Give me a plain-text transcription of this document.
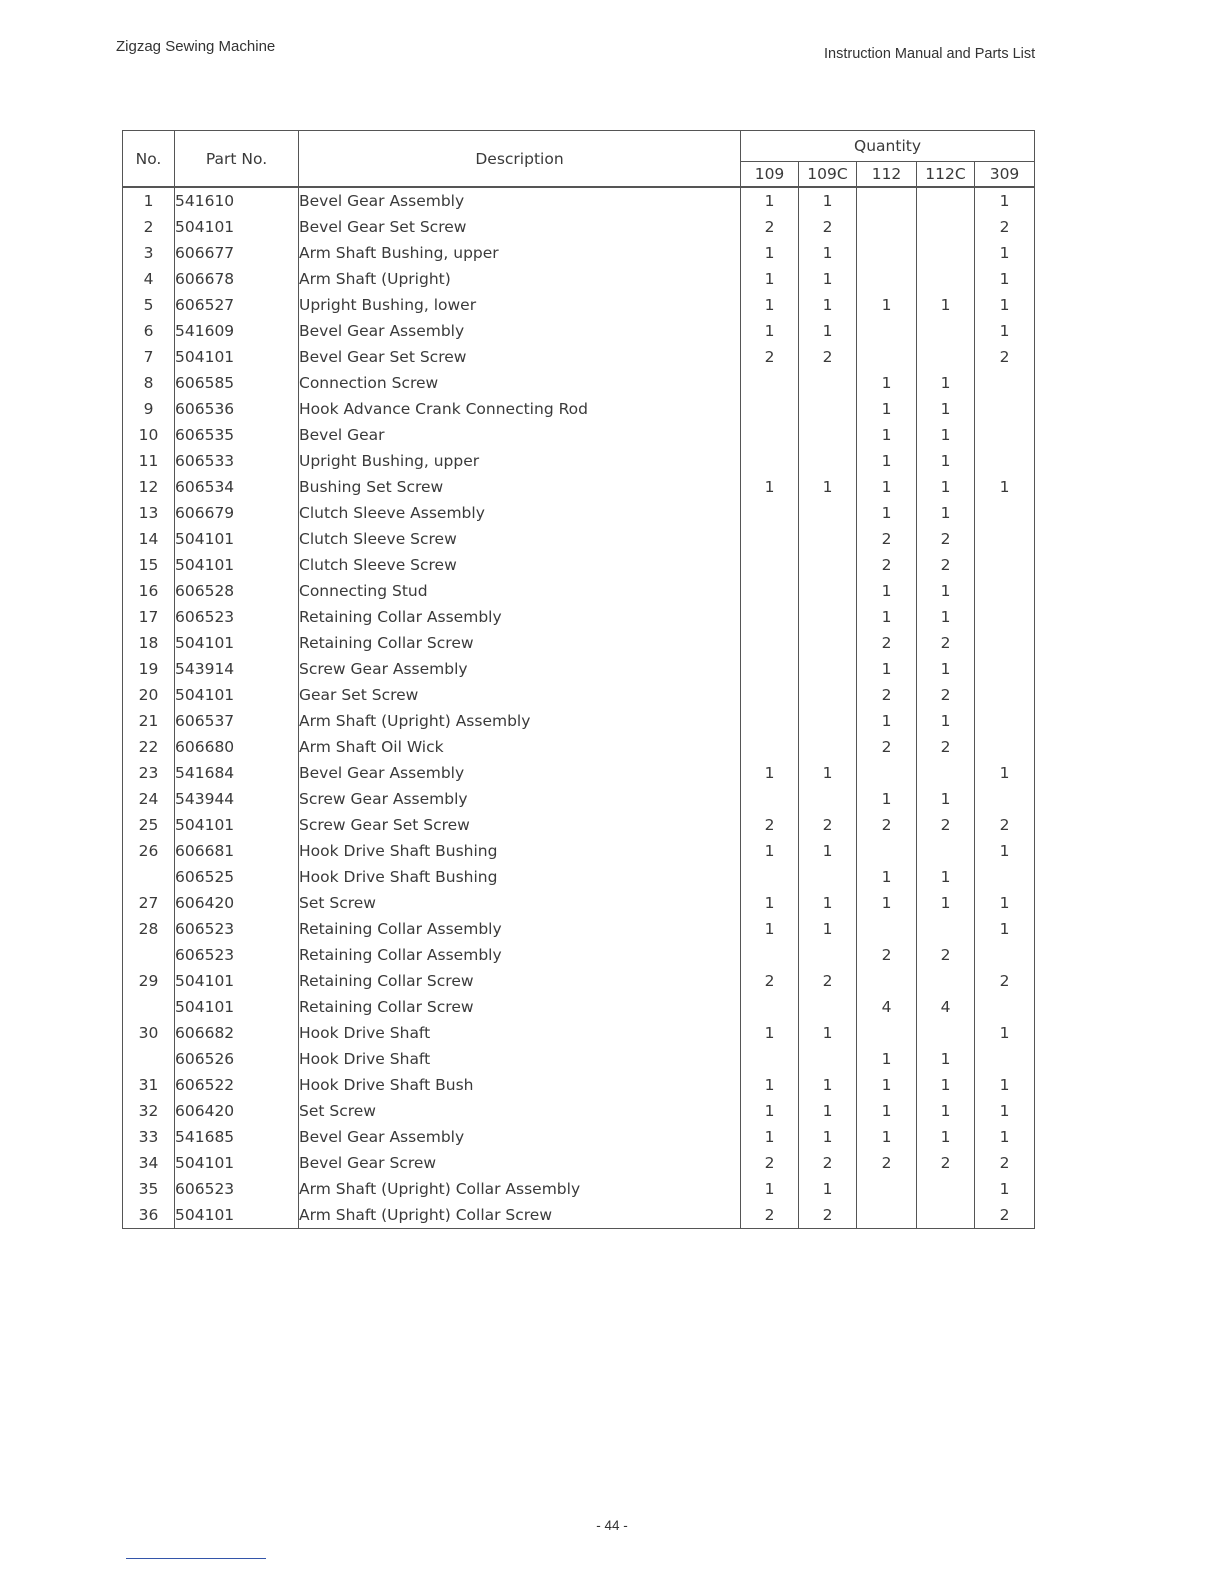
Zigzag Sewing Machine	Instruction Manual and Parts List
No.	Part No.	Description	Quantity				
			109	109C	112	112C	309
1	541610	Bevel Gear Assembly	1	1			1
2	504101	Bevel Gear Set Screw	2	2			2
3	606677	Arm Shaft Bushing, upper	1	1			1
4	606678	Arm Shaft (Upright)	1	1			1
5	606527	Upright Bushing, lower	1	1	1	1	1
6	541609	Bevel Gear Assembly	1	1			1
7	504101	Bevel Gear Set Screw	2	2			2
8	606585	Connection Screw			1	1	
9	606536	Hook Advance Crank Connecting Rod			1	1	
10	606535	Bevel Gear			1	1	
11	606533	Upright Bushing, upper			1	1	
12	606534	Bushing Set Screw	1	1	1	1	1
13	606679	Clutch Sleeve Assembly			1	1	
14	504101	Clutch Sleeve Screw			2	2	
15	504101	Clutch Sleeve Screw			2	2	
16	606528	Connecting Stud			1	1	
17	606523	Retaining Collar Assembly			1	1	
18	504101	Retaining Collar Screw			2	2	
19	543914	Screw Gear Assembly			1	1	
20	504101	Gear Set Screw			2	2	
21	606537	Arm Shaft (Upright) Assembly			1	1	
22	606680	Arm Shaft Oil Wick			2	2	
23	541684	Bevel Gear Assembly	1	1			1
24	543944	Screw Gear Assembly			1	1	
25	504101	Screw Gear Set Screw	2	2	2	2	2
26	606681	Hook Drive Shaft Bushing	1	1			1
	606525	Hook Drive Shaft Bushing			1	1	
27	606420	Set Screw	1	1	1	1	1
28	606523	Retaining Collar Assembly	1	1			1
	606523	Retaining Collar Assembly			2	2	
29	504101	Retaining Collar Screw	2	2			2
	504101	Retaining Collar Screw			4	4	
30	606682	Hook Drive Shaft	1	1			1
	606526	Hook Drive Shaft			1	1	
31	606522	Hook Drive Shaft Bush	1	1	1	1	1
32	606420	Set Screw	1	1	1	1	1
33	541685	Bevel Gear Assembly	1	1	1	1	1
34	504101	Bevel Gear Screw	2	2	2	2	2
35	606523	Arm Shaft (Upright) Collar Assembly	1	1			1
36	504101	Arm Shaft (Upright) Collar Screw	2	2			2
- 44 -
